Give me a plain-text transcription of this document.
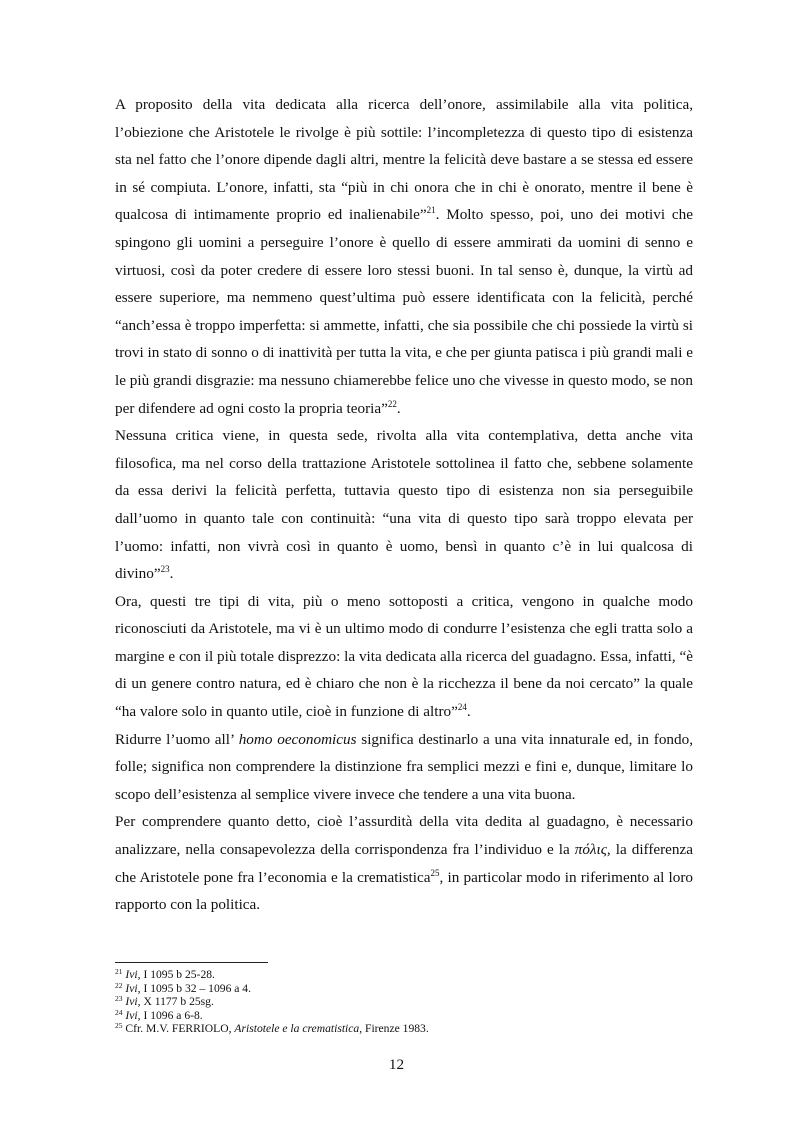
A proposito della vita dedicata alla ricerca dell’onore, assimilabile alla vita politica, l’obiezione che Aristotele le rivolge è più sottile: l’incompletezza di questo tipo di esistenza sta nel fatto che l’onore dipende dagli altri, mentre la felicità deve bastare a se stessa ed essere in sé compiuta. L’onore, infatti, sta “più in chi onora che in chi è onorato, mentre il bene è qualcosa di intimamente proprio ed inalienabile”$^{21}$. Molto spesso, poi, uno dei motivi che spingono gli uomini a perseguire l’onore è quello di essere ammirati da uomini di senno e virtuosi, così da poter credere di essere loro stessi buoni. In tal senso è, dunque, la virtù ad essere superiore, ma nemmeno quest’ultima può essere identificata con la felicità, perché “anch’essa è troppo imperfetta: si ammette, infatti, che sia possibile che chi possiede la virtù si trovi in stato di sonno o di inattività per tutta la vita, e che per giunta patisca i più grandi mali e le più grandi disgrazie: ma nessuno chiamerebbe felice uno che vivesse in questo modo, se non per difendere ad ogni costo la propria teoria”$^{22}$.

Nessuna critica viene, in questa sede, rivolta alla vita contemplativa, detta anche vita filosofica, ma nel corso della trattazione Aristotele sottolinea il fatto che, sebbene solamente da essa derivi la felicità perfetta, tuttavia questo tipo di esistenza non sia perseguibile dall’uomo in quanto tale con continuità: “una vita di questo tipo sarà troppo elevata per l’uomo: infatti, non vivrà così in quanto è uomo, bensì in quanto c’è in lui qualcosa di divino”$^{23}$.

Ora, questi tre tipi di vita, più o meno sottoposti a critica, vengono in qualche modo riconosciuti da Aristotele, ma vi è un ultimo modo di condurre l’esistenza che egli tratta solo a margine e con il più totale disprezzo: la vita dedicata alla ricerca del guadagno. Essa, infatti, “è di un genere contro natura, ed è chiaro che non è la ricchezza il bene da noi cercato” la quale “ha valore solo in quanto utile, cioè in funzione di altro”$^{24}$.

Ridurre l’uomo all’ homo oeconomicus significa destinarlo a una vita innaturale ed, in fondo, folle; significa non comprendere la distinzione fra semplici mezzi e fini e, dunque, limitare lo scopo dell’esistenza al semplice vivere invece che tendere a una vita buona.

Per comprendere quanto detto, cioè l’assurdità della vita dedita al guadagno, è necessario analizzare, nella consapevolezza della corrispondenza fra l’individuo e la πόλις, la differenza che Aristotele pone fra l’economia e la crematistica$^{25}$, in particolar modo in riferimento al loro rapporto con la politica.

$^{21}$ Ivi, I 1095 b 25-28.
$^{22}$ Ivi, I 1095 b 32 – 1096 a 4.
$^{23}$ Ivi, X 1177 b 25sg.
$^{24}$ Ivi, I 1096 a 6-8.
$^{25}$ Cfr. M.V. FERRIOLO, Aristotele e la crematistica, Firenze 1983.
12
